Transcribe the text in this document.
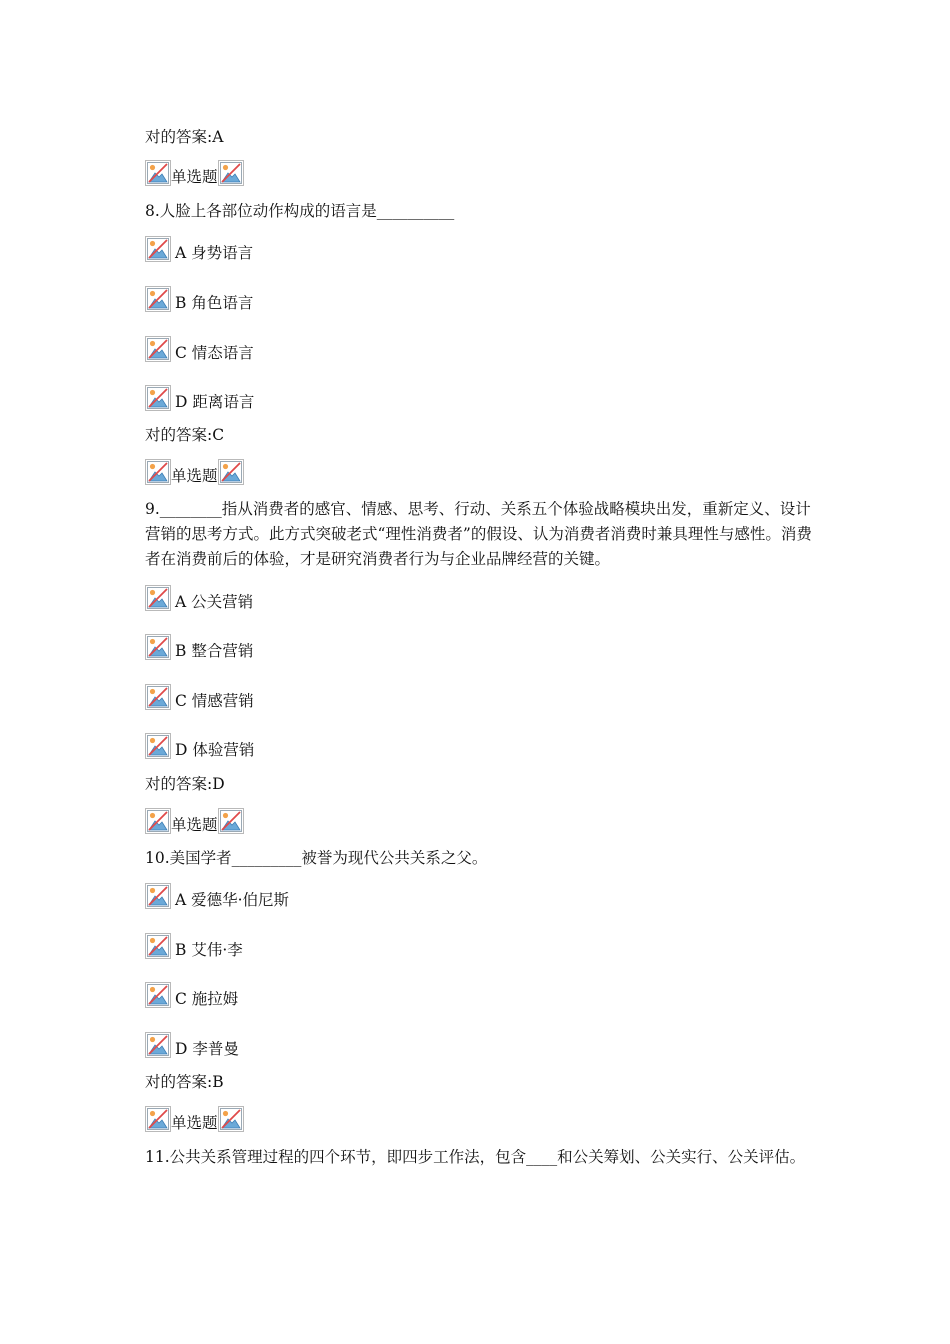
对的答案:A
单选题
8.人脸上各部位动作构成的语言是__________
A 身势语言
B 角色语言
C 情态语言
D 距离语言
对的答案:C
单选题
9.________指从消费者的感官、情感、思考、行动、关系五个体验战略模块出发，重新定义、设计营销的思考方式。此方式突破老式“理性消费者”的假设、认为消费者消费时兼具理性与感性。消费者在消费前后的体验，才是研究消费者行为与企业品牌经营的关键。
A 公关营销
B 整合营销
C 情感营销
D 体验营销
对的答案:D
单选题
10.美国学者_________被誉为现代公共关系之父。
A 爱德华·伯尼斯
B 艾伟·李
C 施拉姆
D 李普曼
对的答案:B
单选题
11.公共关系管理过程的四个环节，即四步工作法，包含____和公关筹划、公关实行、公关评估。
